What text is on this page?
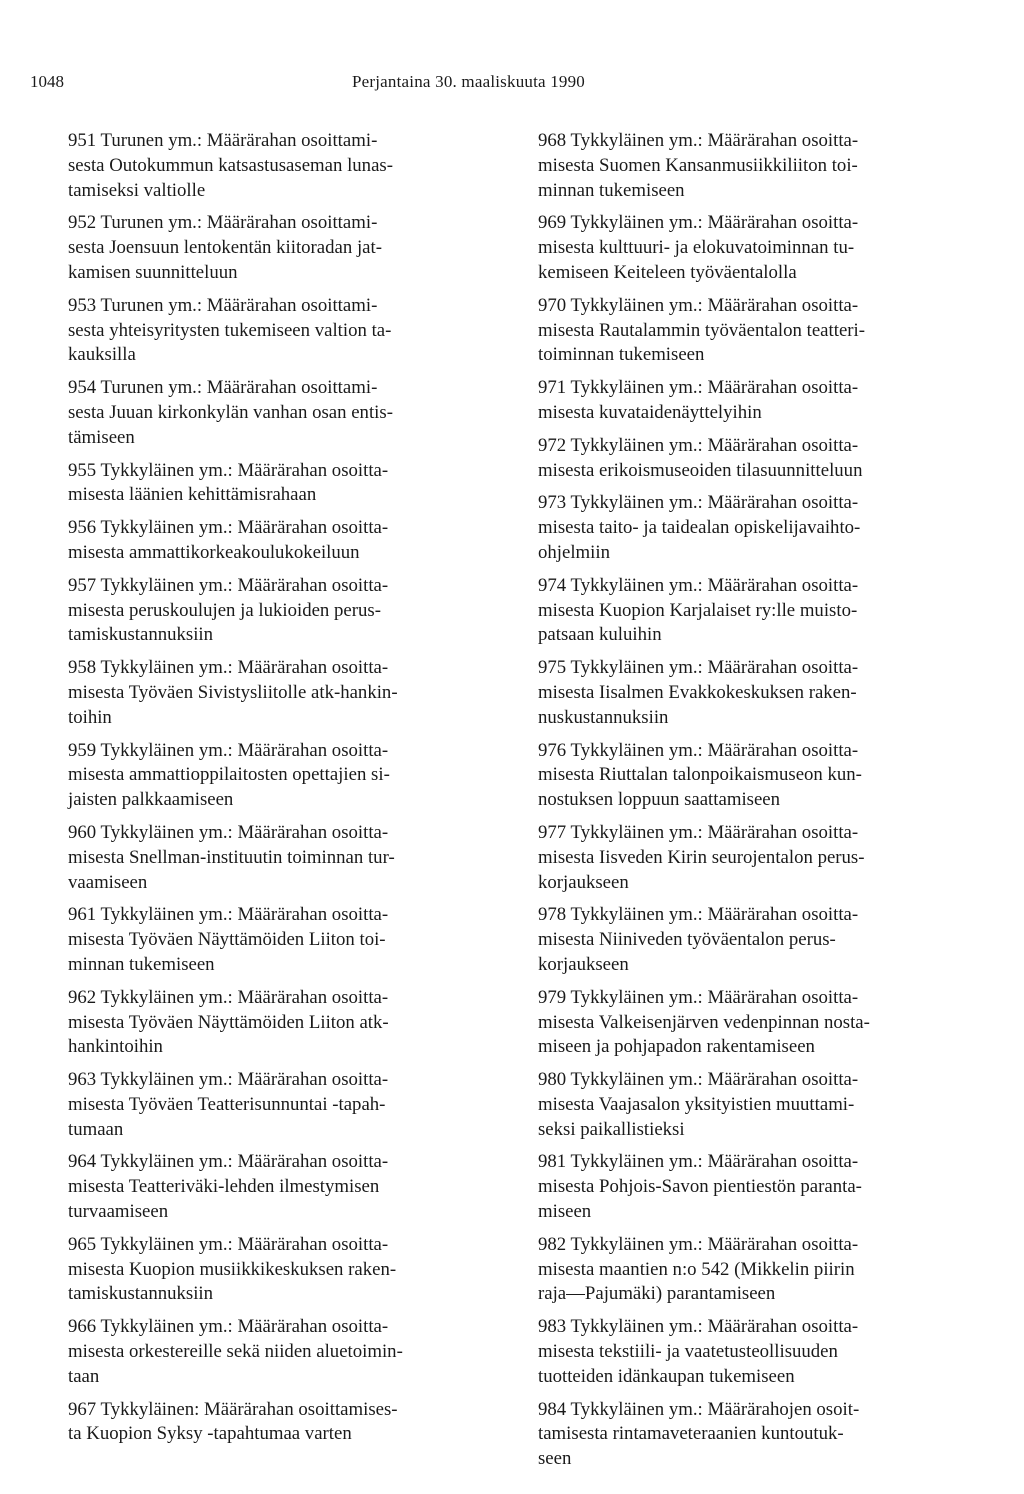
1048	Perjantaina 30. maaliskuuta 1990
951 Turunen ym.: Määrärahan osoittami-
sesta Outokummun katsastusaseman lunas-
tamiseksi valtiolle
952 Turunen ym.: Määrärahan osoittami-
sesta Joensuun lentokentän kiitoradan jat-
kamisen suunnitteluun
953 Turunen ym.: Määrärahan osoittami-
sesta yhteisyritysten tukemiseen valtion ta-
kauksilla
954 Turunen ym.: Määrärahan osoittami-
sesta Juuan kirkonkylän vanhan osan entis-
tämiseen
955 Tykkyläinen ym.: Määrärahan osoitta-
misesta läänien kehittämisrahaan
956 Tykkyläinen ym.: Määrärahan osoitta-
misesta ammattikorkeakoulukokeiluun
957 Tykkyläinen ym.: Määrärahan osoitta-
misesta peruskoulujen ja lukioiden perus-
tamiskustannuksiin
958 Tykkyläinen ym.: Määrärahan osoitta-
misesta Työväen Sivistysliitolle atk-hankin-
toihin
959 Tykkyläinen ym.: Määrärahan osoitta-
misesta ammattioppilaitosten opettajien si-
jaisten palkkaamiseen
960 Tykkyläinen ym.: Määrärahan osoitta-
misesta Snellman-instituutin toiminnan tur-
vaamiseen
961 Tykkyläinen ym.: Määrärahan osoitta-
misesta Työväen Näyttämöiden Liiton toi-
minnan tukemiseen
962 Tykkyläinen ym.: Määrärahan osoitta-
misesta Työväen Näyttämöiden Liiton atk-
hankintoihin
963 Tykkyläinen ym.: Määrärahan osoitta-
misesta Työväen Teatterisunnuntai -tapah-
tumaan
964 Tykkyläinen ym.: Määrärahan osoitta-
misesta Teatteriväki-lehden ilmestymisen
turvaamiseen
965 Tykkyläinen ym.: Määrärahan osoitta-
misesta Kuopion musiikkikeskuksen raken-
tamiskustannuksiin
966 Tykkyläinen ym.: Määrärahan osoitta-
misesta orkestereille sekä niiden aluetoimin-
taan
967 Tykkyläinen: Määrärahan osoittamises-
ta Kuopion Syksy -tapahtumaa varten
968 Tykkyläinen ym.: Määrärahan osoitta-
misesta Suomen Kansanmusiikkiliiton toi-
minnan tukemiseen
969 Tykkyläinen ym.: Määrärahan osoitta-
misesta kulttuuri- ja elokuvatoiminnan tu-
kemiseen Keiteleen työväentalolla
970 Tykkyläinen ym.: Määrärahan osoitta-
misesta Rautalammin työväentalon teatteri-
toiminnan tukemiseen
971 Tykkyläinen ym.: Määrärahan osoitta-
misesta kuvataidenäyttelyihin
972 Tykkyläinen ym.: Määrärahan osoitta-
misesta erikoismuseoiden tilasuunnitteluun
973 Tykkyläinen ym.: Määrärahan osoitta-
misesta taito- ja taidealan opiskelijavaihto-
ohjelmiin
974 Tykkyläinen ym.: Määrärahan osoitta-
misesta Kuopion Karjalaiset ry:lle muisto-
patsaan kuluihin
975 Tykkyläinen ym.: Määrärahan osoitta-
misesta Iisalmen Evakkokeskuksen raken-
nuskustannuksiin
976 Tykkyläinen ym.: Määrärahan osoitta-
misesta Riuttalan talonpoikaismuseon kun-
nostuksen loppuun saattamiseen
977 Tykkyläinen ym.: Määrärahan osoitta-
misesta Iisveden Kirin seurojentalon perus-
korjaukseen
978 Tykkyläinen ym.: Määrärahan osoitta-
misesta Niiniveden työväentalon perus-
korjaukseen
979 Tykkyläinen ym.: Määrärahan osoitta-
misesta Valkeisenjärven vedenpinnan nosta-
miseen ja pohjapadon rakentamiseen
980 Tykkyläinen ym.: Määrärahan osoitta-
misesta Vaajasalon yksityistien muuttami-
seksi paikallistieksi
981 Tykkyläinen ym.: Määrärahan osoitta-
misesta Pohjois-Savon pientiestön paranta-
miseen
982 Tykkyläinen ym.: Määrärahan osoitta-
misesta maantien n:o 542 (Mikkelin piirin
raja—Pajumäki) parantamiseen
983 Tykkyläinen ym.: Määrärahan osoitta-
misesta tekstiili- ja vaatetusteollisuuden
tuotteiden idänkaupan tukemiseen
984 Tykkyläinen ym.: Määrärahojen osoit-
tamisesta rintamaveteraanien kuntoutuk-
seen
